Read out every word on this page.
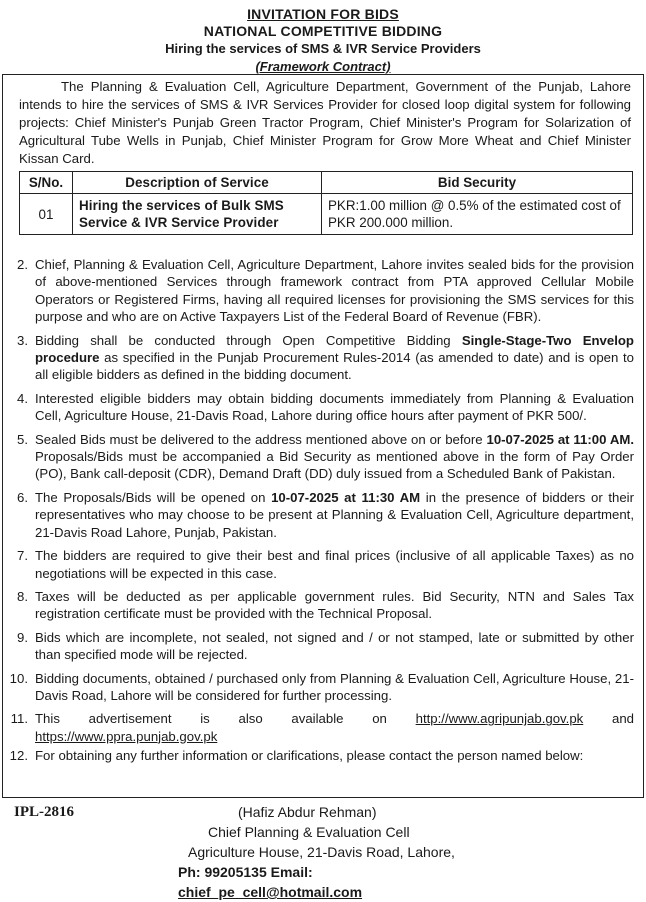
INVITATION FOR BIDS
NATIONAL COMPETITIVE BIDDING
Hiring the services of SMS & IVR Service Providers
(Framework Contract)
The Planning & Evaluation Cell, Agriculture Department, Government of the Punjab, Lahore intends to hire the services of SMS & IVR Services Provider for closed loop digital system for following projects: Chief Minister's Punjab Green Tractor Program, Chief Minister's Program for Solarization of Agricultural Tube Wells in Punjab, Chief Minister Program for Grow More Wheat and Chief Minister Kissan Card.
S/No.	Description of Service	Bid Security
01	Hiring the services of Bulk SMS Service & IVR Service Provider	PKR:1.00 million @ 0.5% of the estimated cost of PKR 200.000 million.
2. Chief, Planning & Evaluation Cell, Agriculture Department, Lahore invites sealed bids for the provision of above-mentioned Services through framework contract from PTA approved Cellular Mobile Operators or Registered Firms, having all required licenses for provisioning the SMS services for this purpose and who are on Active Taxpayers List of the Federal Board of Revenue (FBR).
3. Bidding shall be conducted through Open Competitive Bidding Single-Stage-Two Envelop procedure as specified in the Punjab Procurement Rules-2014 (as amended to date) and is open to all eligible bidders as defined in the bidding document.
4. Interested eligible bidders may obtain bidding documents immediately from Planning & Evaluation Cell, Agriculture House, 21-Davis Road, Lahore during office hours after payment of PKR 500/.
5. Sealed Bids must be delivered to the address mentioned above on or before 10-07-2025 at 11:00 AM. Proposals/Bids must be accompanied a Bid Security as mentioned above in the form of Pay Order (PO), Bank call-deposit (CDR), Demand Draft (DD) duly issued from a Scheduled Bank of Pakistan.
6. The Proposals/Bids will be opened on 10-07-2025 at 11:30 AM in the presence of bidders or their representatives who may choose to be present at Planning & Evaluation Cell, Agriculture department, 21-Davis Road Lahore, Punjab, Pakistan.
7. The bidders are required to give their best and final prices (inclusive of all applicable Taxes) as no negotiations will be expected in this case.
8. Taxes will be deducted as per applicable government rules. Bid Security, NTN and Sales Tax registration certificate must be provided with the Technical Proposal.
9. Bids which are incomplete, not sealed, not signed and / or not stamped, late or submitted by other than specified mode will be rejected.
10. Bidding documents, obtained / purchased only from Planning & Evaluation Cell, Agriculture House, 21-Davis Road, Lahore will be considered for further processing.
11. This advertisement is also available on http://www.agripunjab.gov.pk and
https://www.ppra.punjab.gov.pk
12. For obtaining any further information or clarifications, please contact the person named below:
IPL-2816	(Hafiz Abdur Rehman)
Chief Planning & Evaluation Cell
Agriculture House, 21-Davis Road, Lahore,
Ph: 99205135 Email: chief_pe_cell@hotmail.com
